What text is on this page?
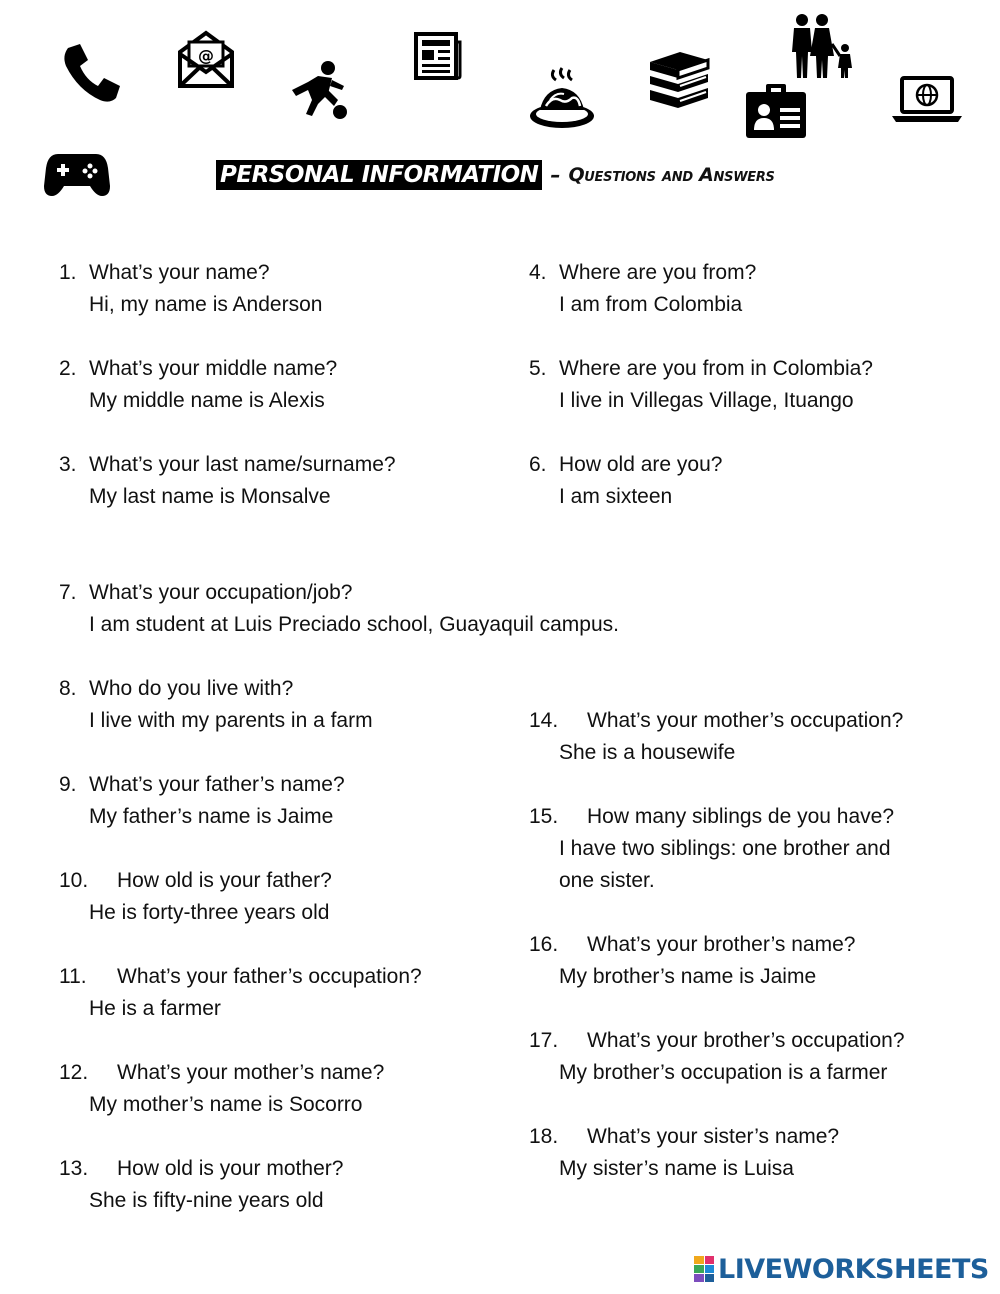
@
PERSONAL INFORMATION – Questions and Answers
1. What’s your name?
Hi, my name is Anderson
2. What’s your middle name?
My middle name is Alexis
3. What’s your last name/surname?
My last name is Monsalve
4. Where are you from?
I am from Colombia
5. Where are you from in Colombia?
I live in Villegas Village, Ituango
6. How old are you?
I am sixteen
7. What’s your occupation/job?
I am student at Luis Preciado school, Guayaquil campus.
8. Who do you live with?
I live with my parents in a farm
9. What’s your father’s name?
My father’s name is Jaime
10.	How old is your father?
He is forty-three years old
11.	What’s your father’s occupation?
He is a farmer
12.	What’s your mother’s name?
My mother’s name is Socorro
13.	How old is your mother?
She is fifty-nine years old
14.	What’s your mother’s occupation?
She is a housewife
15.	How many siblings de you have?
I have two siblings: one brother and
one sister.
16.	What’s your brother’s name?
My brother’s name is Jaime
17.	What’s your brother’s occupation?
My brother’s occupation is a farmer
18.	What’s your sister’s name?
My sister’s name is Luisa
LIVEWORKSHEETS
